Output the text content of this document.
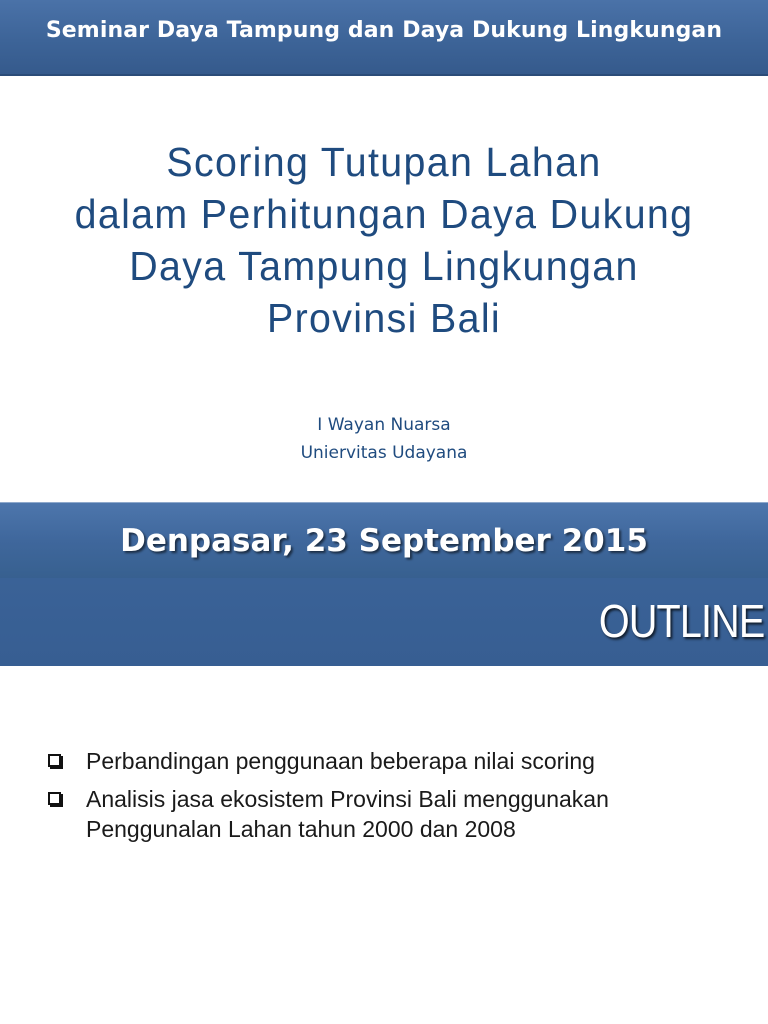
Seminar Daya Tampung dan Daya Dukung Lingkungan
Scoring Tutupan Lahan
dalam Perhitungan Daya Dukung
Daya Tampung Lingkungan
Provinsi Bali
I Wayan Nuarsa
Uniervitas Udayana
Denpasar, 23 September 2015
OUTLINE
Perbandingan penggunaan beberapa nilai scoring
Analisis jasa ekosistem Provinsi Bali menggunakan
Penggunalan Lahan tahun 2000 dan 2008
